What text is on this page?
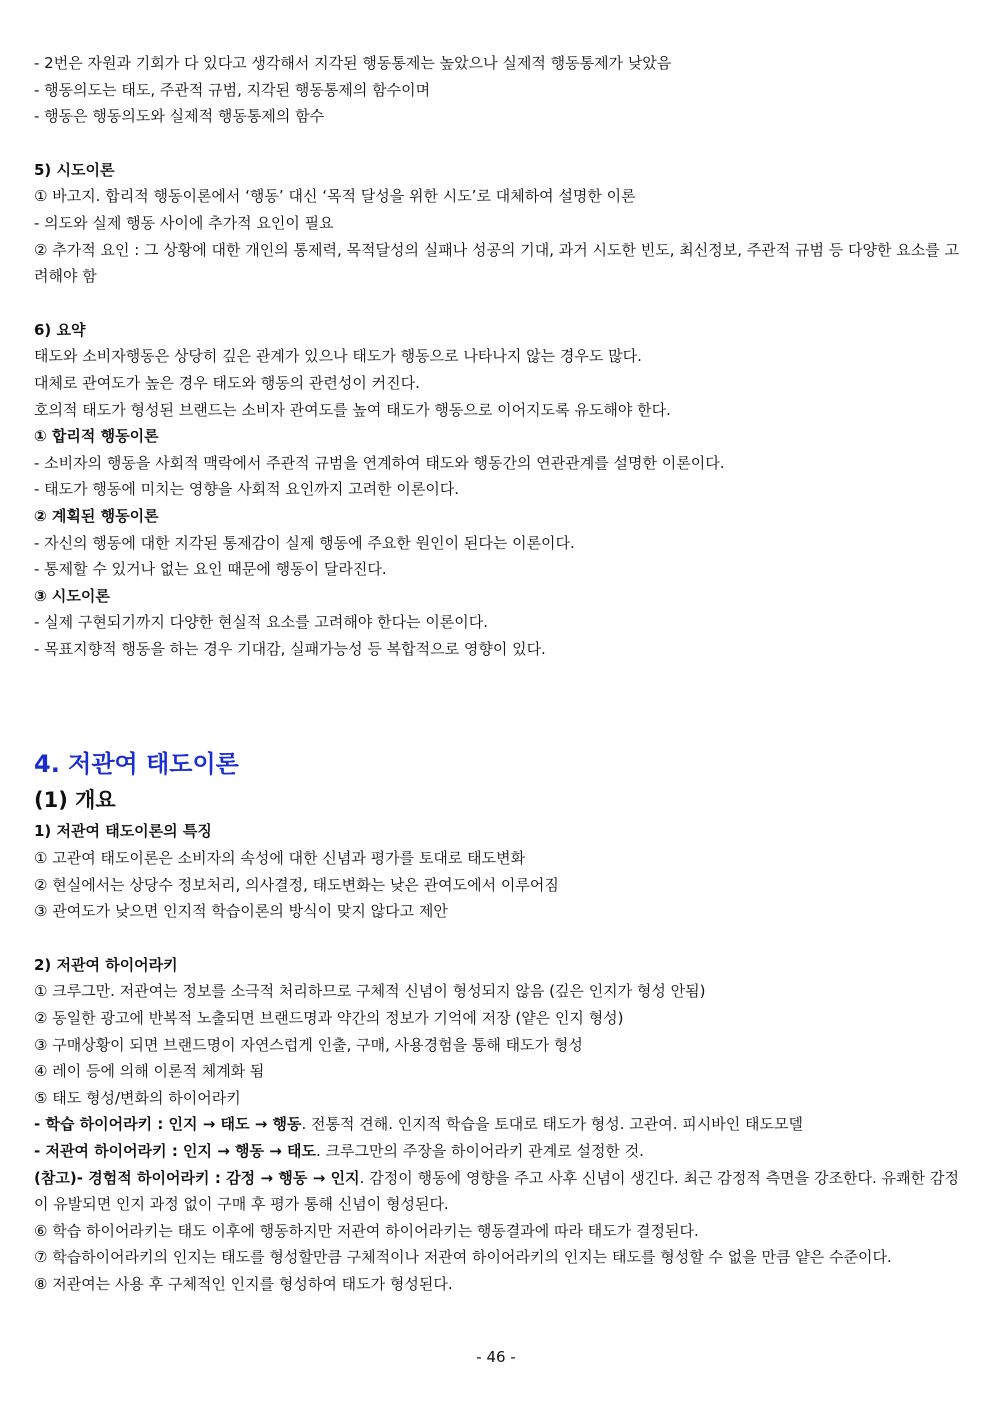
- 2번은 자원과 기회가 다 있다고 생각해서 지각된 행동통제는 높았으나 실제적 행동통제가 낮았음
- 행동의도는 태도, 주관적 규범, 지각된 행동통제의 함수이며
- 행동은 행동의도와 실제적 행동통제의 함수
5) 시도이론
① 바고지. 합리적 행동이론에서 ‘행동’ 대신 ‘목적 달성을 위한 시도’로 대체하여 설명한 이론
- 의도와 실제 행동 사이에 추가적 요인이 필요
② 추가적 요인 : 그 상황에 대한 개인의 통제력, 목적달성의 실패나 성공의 기대, 과거 시도한 빈도, 최신정보, 주관적 규범 등 다양한 요소를 고려해야 함
6) 요약
태도와 소비자행동은 상당히 깊은 관계가 있으나 태도가 행동으로 나타나지 않는 경우도 많다.
대체로 관여도가 높은 경우 태도와 행동의 관련성이 커진다.
호의적 태도가 형성된 브랜드는 소비자 관여도를 높여 태도가 행동으로 이어지도록 유도해야 한다.
① 합리적 행동이론
- 소비자의 행동을 사회적 맥락에서 주관적 규범을 연계하여 태도와 행동간의 연관관계를 설명한 이론이다.
- 태도가 행동에 미치는 영향을 사회적 요인까지 고려한 이론이다.
② 계획된 행동이론
- 자신의 행동에 대한 지각된 통제감이 실제 행동에 주요한 원인이 된다는 이론이다.
- 통제할 수 있거나 없는 요인 때문에 행동이 달라진다.
③ 시도이론
- 실제 구현되기까지 다양한 현실적 요소를 고려해야 한다는 이론이다.
- 목표지향적 행동을 하는 경우 기대감, 실패가능성 등 복합적으로 영향이 있다.
4. 저관여 태도이론
(1) 개요
1) 저관여 태도이론의 특징
① 고관여 태도이론은 소비자의 속성에 대한 신념과 평가를 토대로 태도변화
② 현실에서는 상당수 정보처리, 의사결정, 태도변화는 낮은 관여도에서 이루어짐
③ 관여도가 낮으면 인지적 학습이론의 방식이 맞지 않다고 제안
2) 저관여 하이어라키
① 크루그만. 저관여는 정보를 소극적 처리하므로 구체적 신념이 형성되지 않음 (깊은 인지가 형성 안됨)
② 동일한 광고에 반복적 노출되면 브랜드명과 약간의 정보가 기억에 저장 (얕은 인지 형성)
③ 구매상황이 되면 브랜드명이 자연스럽게 인출, 구매, 사용경험을 통해 태도가 형성
④ 레이 등에 의해 이론적 체계화 됨
⑤ 태도 형성/변화의 하이어라키
- 학습 하이어라키 : 인지 → 태도 → 행동. 전통적 견해. 인지적 학습을 토대로 태도가 형성. 고관여. 피시바인 태도모델
- 저관여 하이어라키 : 인지 → 행동 → 태도. 크루그만의 주장을 하이어라키 관계로 설정한 것.
(참고)- 경험적 하이어라키 : 감정 → 행동 → 인지. 감정이 행동에 영향을 주고 사후 신념이 생긴다. 최근 감정적 측면을 강조한다. 유쾌한 감정이 유발되면 인지 과정 없이 구매 후 평가 통해 신념이 형성된다.
⑥ 학습 하이어라키는 태도 이후에 행동하지만 저관여 하이어라키는 행동결과에 따라 태도가 결정된다.
⑦ 학습하이어라키의 인지는 태도를 형성할만큼 구체적이나 저관여 하이어라키의 인지는 태도를 형성할 수 없을 만큼 얕은 수준이다.
⑧ 저관여는 사용 후 구체적인 인지를 형성하여 태도가 형성된다.
- 46 -
